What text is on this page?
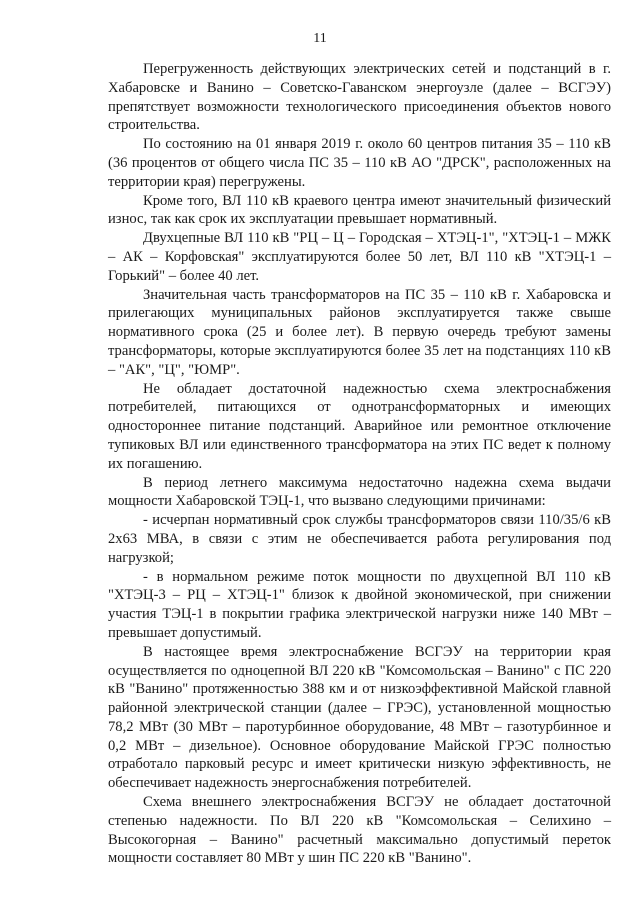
11

Перегруженность действующих электрических сетей и подстанций в г. Хабаровске и Ванино – Советско-Гаванском энергоузле (далее – ВСГЭУ) препятствует возможности технологического присоединения объектов нового строительства.

По состоянию на 01 января 2019 г. около 60 центров питания 35 – 110 кВ (36 процентов от общего числа ПС 35 – 110 кВ АО "ДРСК", расположенных на территории края) перегружены.

Кроме того, ВЛ 110 кВ краевого центра имеют значительный физический износ, так как срок их эксплуатации превышает нормативный.

Двухцепные ВЛ 110 кВ "РЦ – Ц – Городская – ХТЭЦ-1", "ХТЭЦ-1 – МЖК – АК – Корфовская" эксплуатируются более 50 лет, ВЛ 110 кВ "ХТЭЦ-1 – Горький" – более 40 лет.

Значительная часть трансформаторов на ПС 35 – 110 кВ г. Хабаровска и прилегающих муниципальных районов эксплуатируется также свыше нормативного срока (25 и более лет). В первую очередь требуют замены трансформаторы, которые эксплуатируются более 35 лет на подстанциях 110 кВ – "АК", "Ц", "ЮМР".

Не обладает достаточной надежностью схема электроснабжения потребителей, питающихся от однотрансформаторных и имеющих одностороннее питание подстанций. Аварийное или ремонтное отключение тупиковых ВЛ или единственного трансформатора на этих ПС ведет к полному их погашению.

В период летнего максимума недостаточно надежна схема выдачи мощности Хабаровской ТЭЦ-1, что вызвано следующими причинами:

- исчерпан нормативный срок службы трансформаторов связи 110/35/6 кВ 2х63 МВА, в связи с этим не обеспечивается работа регулирования под нагрузкой;

- в нормальном режиме поток мощности по двухцепной ВЛ 110 кВ "ХТЭЦ-3 – РЦ – ХТЭЦ-1" близок к двойной экономической, при снижении участия ТЭЦ-1 в покрытии графика электрической нагрузки ниже 140 МВт – превышает допустимый.

В настоящее время электроснабжение ВСГЭУ на территории края осуществляется по одноцепной ВЛ 220 кВ "Комсомольская – Ванино" с ПС 220 кВ "Ванино" протяженностью 388 км и от низкоэффективной Майской главной районной электрической станции (далее – ГРЭС), установленной мощностью 78,2 МВт (30 МВт – паротурбинное оборудование, 48 МВт – газотурбинное и 0,2 МВт – дизельное). Основное оборудование Майской ГРЭС полностью отработало парковый ресурс и имеет критически низкую эффективность, не обеспечивает надежность энергоснабжения потребителей.

Схема внешнего электроснабжения ВСГЭУ не обладает достаточной степенью надежности. По ВЛ 220 кВ "Комсомольская – Селихино – Высокогорная – Ванино" расчетный максимально допустимый переток мощности составляет 80 МВт у шин ПС 220 кВ "Ванино".
